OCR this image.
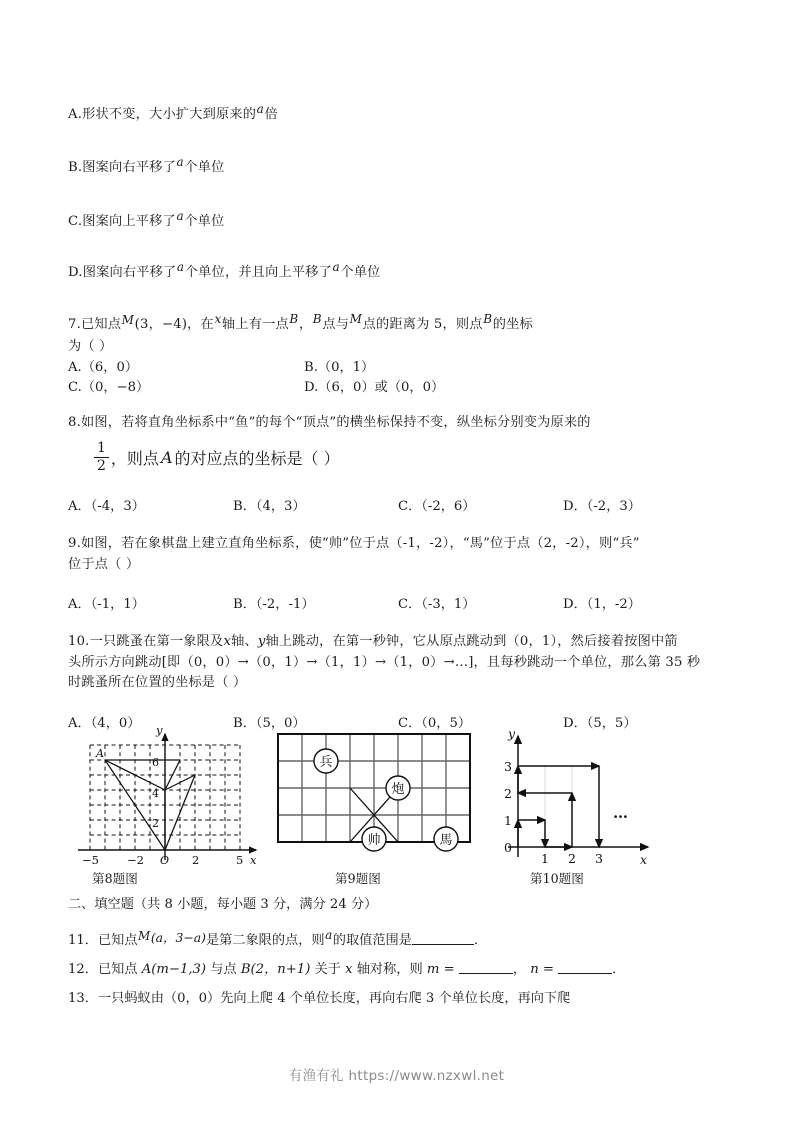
A.形状不变，大小扩大到原来的a倍

B.图案向右平移了a个单位

C.图案向上平移了a个单位

D.图案向右平移了a个单位，并且向上平移了a个单位

7.已知点M(3，−4)，在x轴上有一点B，B点与M点的距离为 5，则点B的坐标

为（ ）

A.（6，0）	B.（0，1）

C.（0，−8）	D.（6，0）或（0，0）

8.如图，若将直角坐标系中“鱼”的每个“顶点”的横坐标保持不变，纵坐标分别变为原来的

$\frac{1}{2}$ ，则点 A 的对应点的坐标是（ ）
A．（-4，3）	B．（4，3）	C．（-2，6）	D．（-2，3）

9.如图，若在象棋盘上建立直角坐标系，使“帅”位于点（-1，-2），“馬”位于点（2，-2），则“兵”

位于点（ ）

A．（-1，1）	B．（-2，-1）	C．（-3，1）	D．（1，-2）

10.一只跳蚤在第一象限及x轴、y轴上跳动，在第一秒钟，它从原点跳动到（0，1），然后接着按图中箭

头所示方向跳动[即（0，0）→（0，1）→（1，1）→（1，0）→…]，且每秒跳动一个单位，那么第 35 秒

时跳蚤所在位置的坐标是（ ）

A．（4，0）	B．（5，0）	C．（0，5）	D．（5，5）
A
6
4
2
O
−5 −2	2	5 x
y
第8题图
兵
炮
帅	馬
第9题图
0
1 2 3
1
2
3
x
y
…
第10题图

二、填空题（共 8 小题，每小题 3 分，满分 24 分）

11．已知点M(a，3−a)是第二象限的点，则a的取值范围是	．

12．已知点 A(m−1,3) 与点 B(2，n+1) 关于 x 轴对称，则 m =	， n =	．

13．一只蚂蚁由（0，0）先向上爬 4 个单位长度，再向右爬 3 个单位长度，再向下爬

有渔有礼 https://www.nzxwl.net
